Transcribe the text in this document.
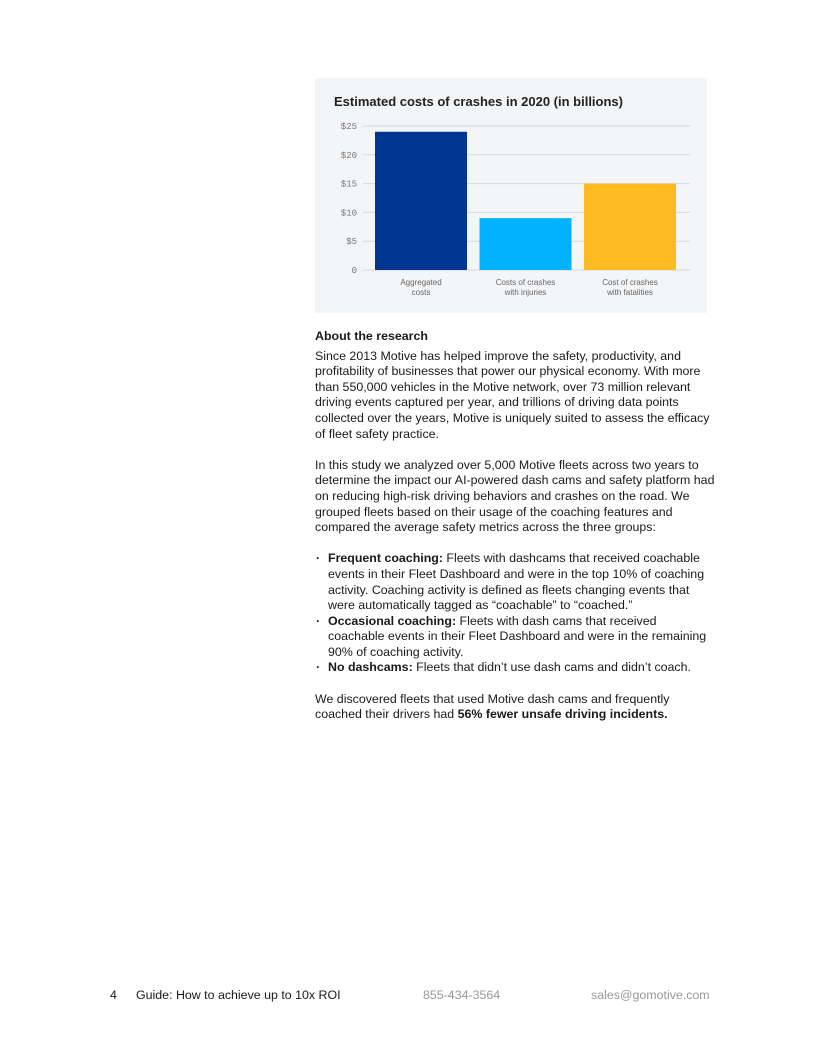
Estimated costs of crashes in 2020 (in billions)
0
$5
$10
$15
$20
$25
Aggregated
costs
Costs of crashes
with injuries
Cost of crashes
with fatalities
About the research

Since 2013 Motive has helped improve the safety, productivity, and profitability of businesses that power our physical economy. With more than 550,000 vehicles in the Motive network, over 73 million relevant driving events captured per year, and trillions of driving data points collected over the years, Motive is uniquely suited to assess the efficacy of fleet safety practice.

In this study we analyzed over 5,000 Motive fleets across two years to determine the impact our AI-powered dash cams and safety platform had on reducing high-risk driving behaviors and crashes on the road. We grouped fleets based on their usage of the coaching features and compared the average safety metrics across the three groups:

· Frequent coaching: Fleets with dashcams that received coachable events in their Fleet Dashboard and were in the top 10% of coaching activity. Coaching activity is defined as fleets changing events that were automatically tagged as “coachable” to “coached.”
· Occasional coaching: Fleets with dash cams that received coachable events in their Fleet Dashboard and were in the remaining 90% of coaching activity.
· No dashcams: Fleets that didn’t use dash cams and didn’t coach.

We discovered fleets that used Motive dash cams and frequently coached their drivers had 56% fewer unsafe driving incidents.

4 Guide: How to achieve up to 10x ROI	855-434-3564	sales@gomotive.com
